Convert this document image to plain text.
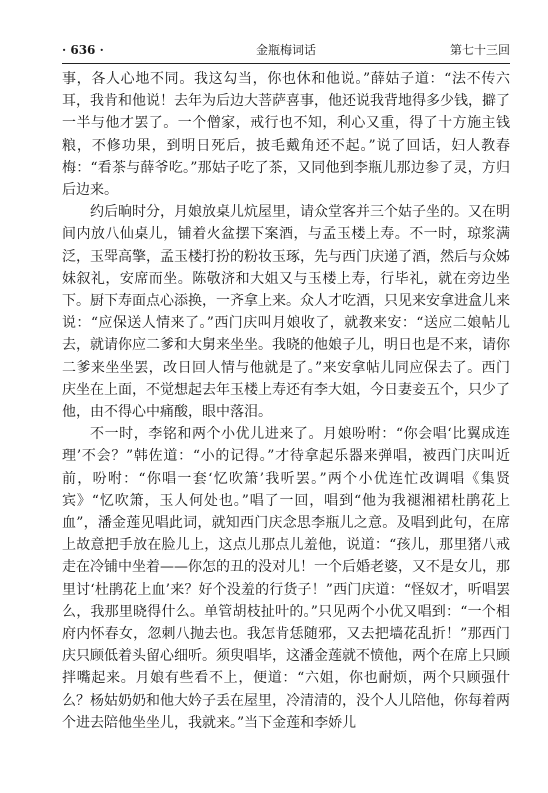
· 636 ·	金瓶梅词话	第七十三回

事，各人心地不同。我这勾当，你也休和他说。”薛姑子道：“法不传六耳，我肯和他说！去年为后边大菩萨喜事，他还说我背地得多少钱，擗了一半与他才罢了。一个僧家，戒行也不知，利心又重，得了十方施主钱粮，不修功果，到明日死后，披毛戴角还不起。”说了回话，妇人教春梅：“看茶与薛爷吃。”那姑子吃了茶，又同他到李瓶儿那边参了灵，方归后边来。

约后晌时分，月娘放桌儿炕屋里，请众堂客并三个姑子坐的。又在明间内放八仙桌儿，铺着火盆摆下案酒，与孟玉楼上寿。不一时，琼浆满泛，玉斝高擎，孟玉楼打扮的粉妆玉琢，先与西门庆递了酒，然后与众姊妹叙礼，安席而坐。陈敬济和大姐又与玉楼上寿，行毕礼，就在旁边坐下。厨下寿面点心添换，一齐拿上来。众人才吃酒，只见来安拿进盒儿来说：“应保送人情来了。”西门庆叫月娘收了，就教来安：“送应二娘帖儿去，就请你应二爹和大舅来坐坐。我晓的他娘子儿，明日也是不来，请你二爹来坐坐罢，改日回人情与他就是了。”来安拿帖儿同应保去了。西门庆坐在上面，不觉想起去年玉楼上寿还有李大姐，今日妻妾五个，只少了他，由不得心中痛酸，眼中落泪。

不一时，李铭和两个小优儿进来了。月娘吩咐：“你会唱‘比翼成连理’不会？”韩佐道：“小的记得。”才待拿起乐器来弹唱，被西门庆叫近前，吩咐：“你唱一套‘忆吹箫’我听罢。”两个小优连忙改调唱《集贤宾》“忆吹箫，玉人何处也。”唱了一回，唱到“他为我褪湘裙杜鹃花上血”，潘金莲见唱此词，就知西门庆念思李瓶儿之意。及唱到此句，在席上故意把手放在脸儿上，这点儿那点儿羞他，说道：“孩儿，那里猪八戒走在冷铺中坐着——你怎的丑的没对儿！一个后婚老婆，又不是女儿，那里讨‘杜鹃花上血’来？好个没羞的行货子！”西门庆道：“怪奴才，听唱罢么，我那里晓得什么。单管胡枝扯叶的。”只见两个小优又唱到：“一个相府内怀春女，忽刺八抛去也。我怎肯恁随邪，又去把墙花乱折！”那西门庆只顾低着头留心细听。须臾唱毕，这潘金莲就不愤他，两个在席上只顾拌嘴起来。月娘有些看不上，便道：“六姐，你也耐烦，两个只顾强什么？杨姑奶奶和他大妗子丢在屋里，冷清清的，没个人儿陪他，你每着两个进去陪他坐坐儿，我就来。”当下金莲和李娇儿
